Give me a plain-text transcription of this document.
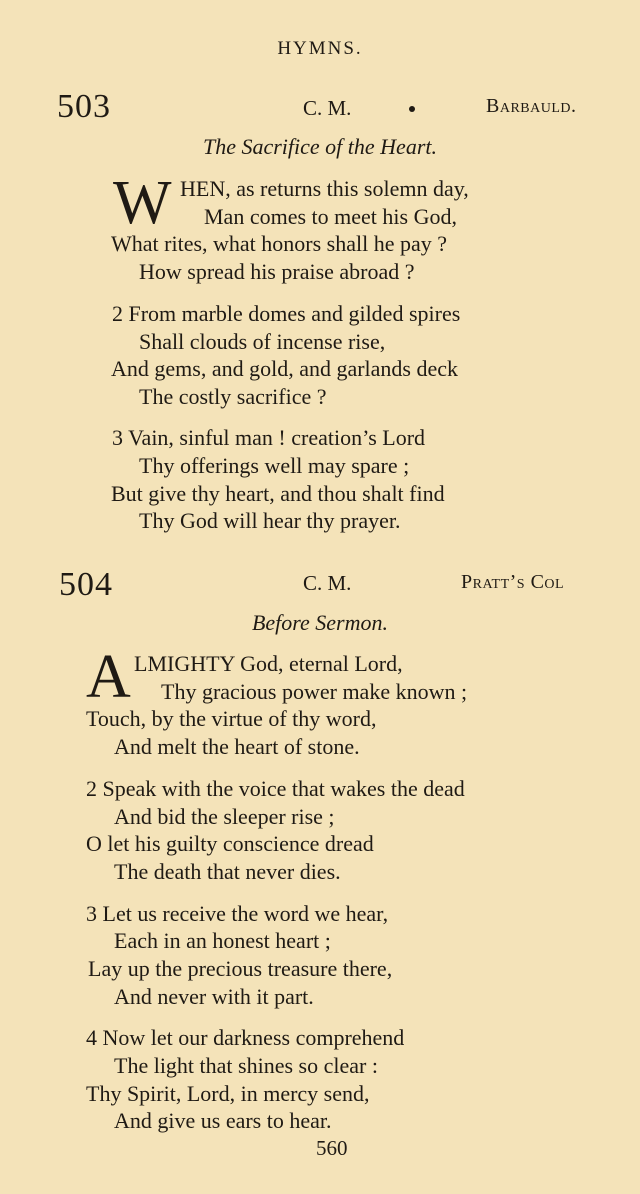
HYMNS.
503	C. M.	Barbauld.
The Sacrifice of the Heart.
W HEN, as returns this solemn day,
Man comes to meet his God,
What rites, what honors shall he pay ?
How spread his praise abroad ?
2 From marble domes and gilded spires
Shall clouds of incense rise,
And gems, and gold, and garlands deck
The costly sacrifice ?
3 Vain, sinful man ! creation’s Lord
Thy offerings well may spare ;
But give thy heart, and thou shalt find
Thy God will hear thy prayer.
504	C. M.	Pratt’s Col
Before Sermon.
A LMIGHTY God, eternal Lord,
Thy gracious power make known ;
Touch, by the virtue of thy word,
And melt the heart of stone.
2 Speak with the voice that wakes the dead
And bid the sleeper rise ;
O let his guilty conscience dread
The death that never dies.
3 Let us receive the word we hear,
Each in an honest heart ;
Lay up the precious treasure there,
And never with it part.
4 Now let our darkness comprehend
The light that shines so clear :
Thy Spirit, Lord, in mercy send,
And give us ears to hear.
560
